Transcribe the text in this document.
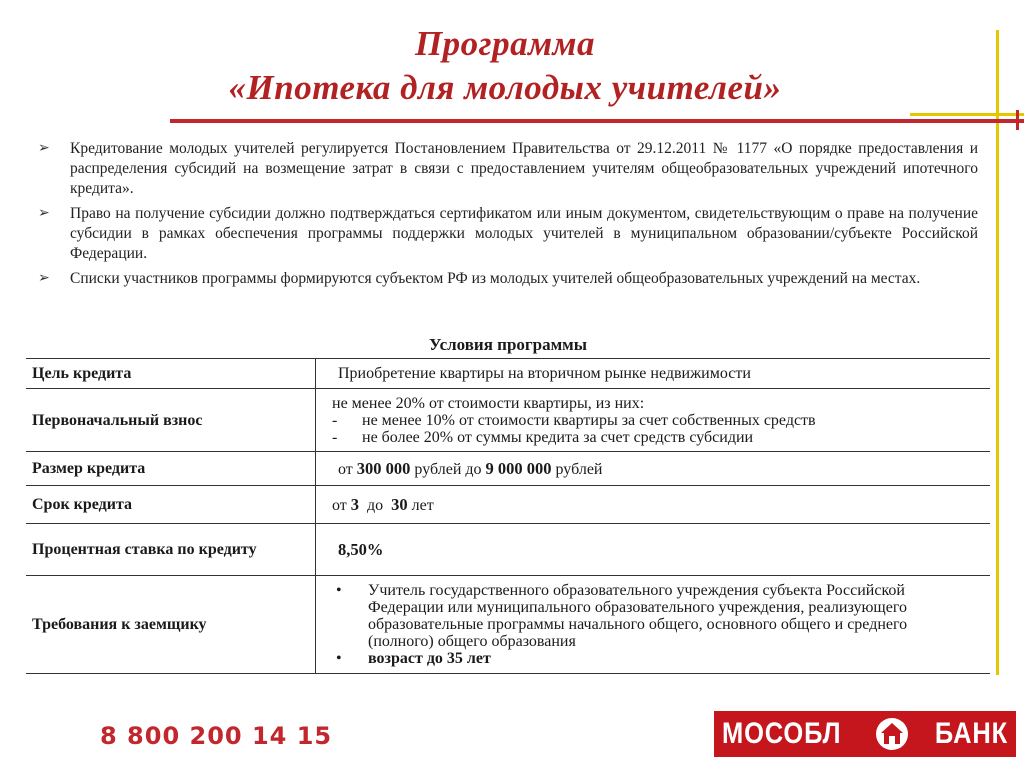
Программа
«Ипотека для молодых учителей»
➢ Кредитование молодых учителей регулируется Постановлением Правительства от 29.12.2011 № 1177 «О порядке предоставления и распределения субсидий на возмещение затрат в связи с предоставлением учителям общеобразовательных учреждений ипотечного кредита».
➢ Право на получение субсидии должно подтверждаться сертификатом или иным документом, свидетельствующим о праве на получение субсидии в рамках обеспечения программы поддержки молодых учителей в муниципальном образовании/субъекте Российской Федерации.
➢ Списки участников программы формируются субъектом РФ из молодых учителей общеобразовательных учреждений на местах.
Условия программы
Цель кредита	Приобретение квартиры на вторичном рынке недвижимости

Первоначальный взнос	не менее 20% от стоимости квартиры, из них:
- не менее 10% от стоимости квартиры за счет собственных средств
- не более 20% от суммы кредита за счет средств субсидии

Размер кредита	от 300 000 рублей до 9 000 000 рублей

Срок кредита	от 3 до 30 лет

Процентная ставка по кредиту	8,50%

Требования к заемщику	• Учитель государственного образовательного учреждения субъекта Российской Федерации или муниципального образовательного учреждения, реализующего образовательные программы начального общего, основного общего и среднего (полного) общего образования
• возраст до 35 лет
8 800 200 14 15	МОСОБЛ	БАНК
